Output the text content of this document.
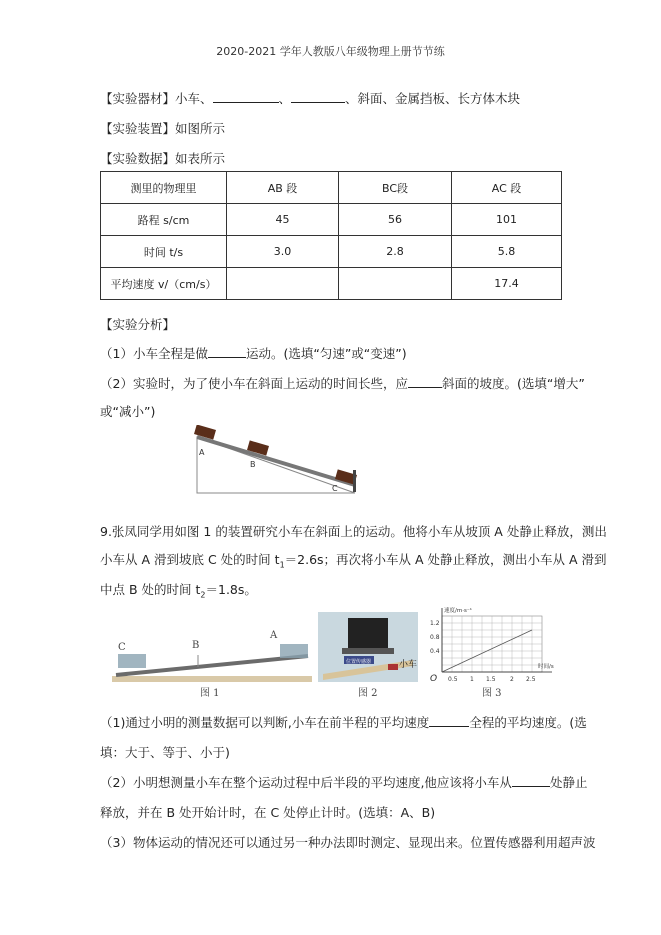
2020-2021 学年人教版八年级物理上册节节练
【实验器材】小车、	、	、斜面、金属挡板、长方体木块
【实验装置】如图所示
【实验数据】如表所示
测里的物理里	AB 段	BC段	AC 段
路程 s/cm	45	56	101
时间 t/s	3.0	2.8	5.8
平均速度 v/（cm/s）			17.4
【实验分析】
（1）小车全程是做	运动。(选填“匀速”或“变速”)
（2）实验时，为了使小车在斜面上运动的时间长些，应	斜面的坡度。(选填“增大”
或“减小”)
A
B
C
9.张凤同学用如图 1 的装置研究小车在斜面上的运动。他将小车从坡顶 A 处静止释放，测出
小车从 A 滑到坡底 C 处的时间 $t_1=2.6s$；再次将小车从 A 处静止释放，测出小车从 A 滑到
中点 B 处的时间 $t_2=1.8s$。
C	B
A
图 1
位置传感器	小车
图 2
速度/m·s⁻¹
时间/s
O
1.2
0.8
0.4
0.5 1 1.5 2 2.5
图 3
（1)通过小明的测量数据可以判断,小车在前半程的平均速度	全程的平均速度。(选
填：大于、等于、小于)
（2）小明想测量小车在整个运动过程中后半段的平均速度,他应该将小车从	处静止
释放，并在 B 处开始计时，在 C 处停止计时。(选填：A、B)
（3）物体运动的情况还可以通过另一种办法即时测定、显现出来。位置传感器利用超声波
